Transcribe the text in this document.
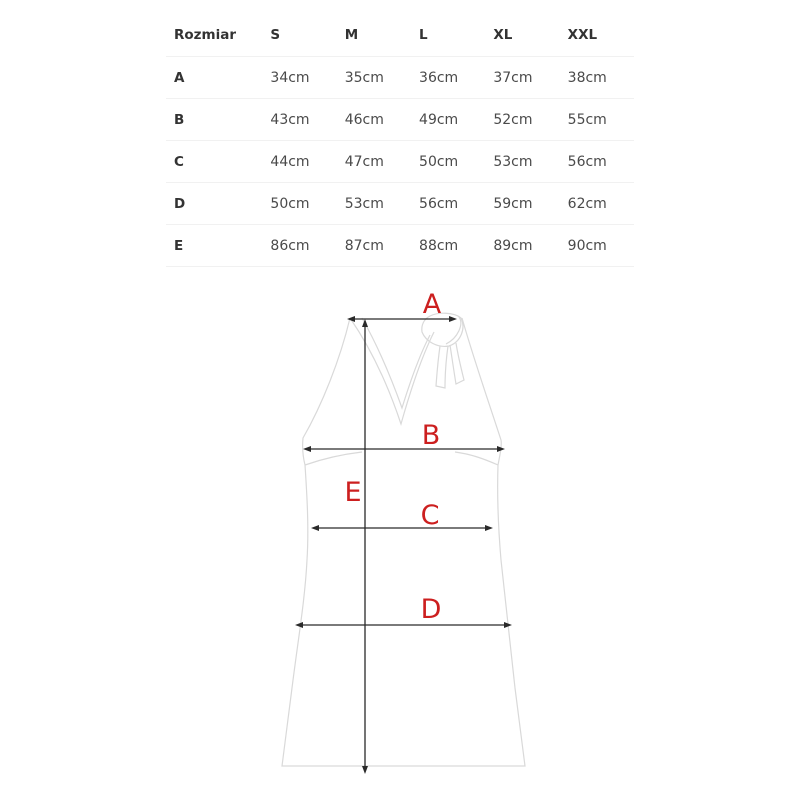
Rozmiar	S	M	L	XL	XXL
A	34cm	35cm	36cm	37cm	38cm
B	43cm	46cm	49cm	52cm	55cm
C	44cm	47cm	50cm	53cm	56cm
D	50cm	53cm	56cm	59cm	62cm
E	86cm	87cm	88cm	89cm	90cm
A
B
C
D
E
